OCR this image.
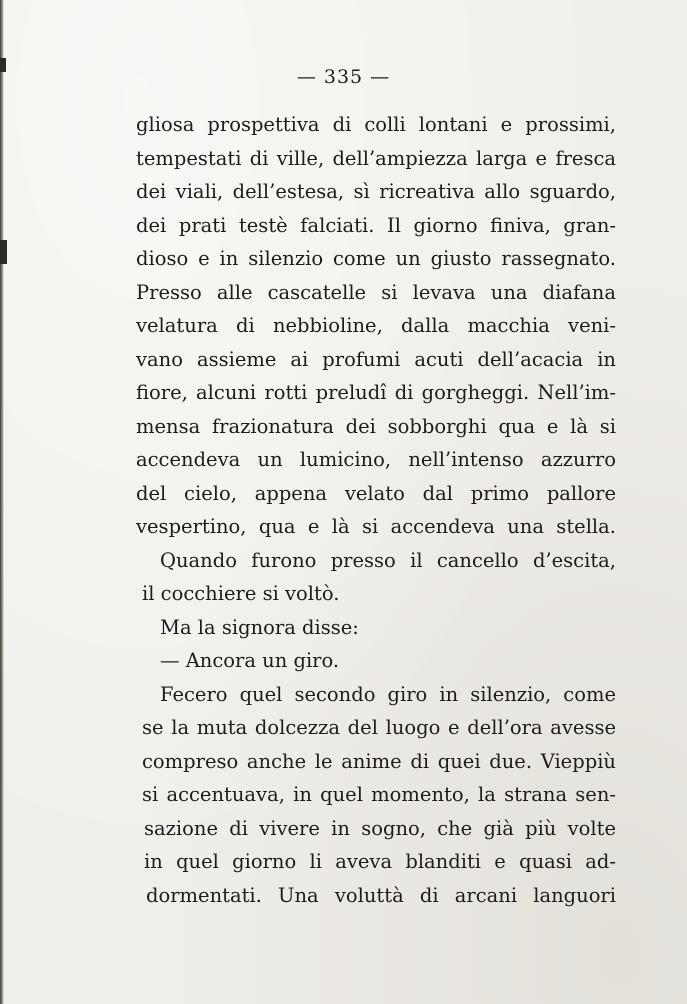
— 335 —
gliosa prospettiva di colli lontani e prossimi,
tempestati di ville, dell’ampiezza larga e fresca
dei viali, dell’estesa, sì ricreativa allo sguardo,
dei prati testè falciati. Il giorno finiva, gran-
dioso e in silenzio come un giusto rassegnato.
Presso alle cascatelle si levava una diafana
velatura di nebbioline, dalla macchia veni-
vano assieme ai profumi acuti dell’acacia in
fiore, alcuni rotti preludî di gorgheggi. Nell’im-
mensa frazionatura dei sobborghi qua e là si
accendeva un lumicino, nell’intenso azzurro
del cielo, appena velato dal primo pallore
vespertino, qua e là si accendeva una stella.
Quando furono presso il cancello d’escita,
il cocchiere si voltò.
Ma la signora disse:
— Ancora un giro.
Fecero quel secondo giro in silenzio, come
se la muta dolcezza del luogo e dell’ora avesse
compreso anche le anime di quei due. Vieppiù
si accentuava, in quel momento, la strana sen-
sazione di vivere in sogno, che già più volte
in quel giorno li aveva blanditi e quasi ad-
dormentati. Una voluttà di arcani languori
